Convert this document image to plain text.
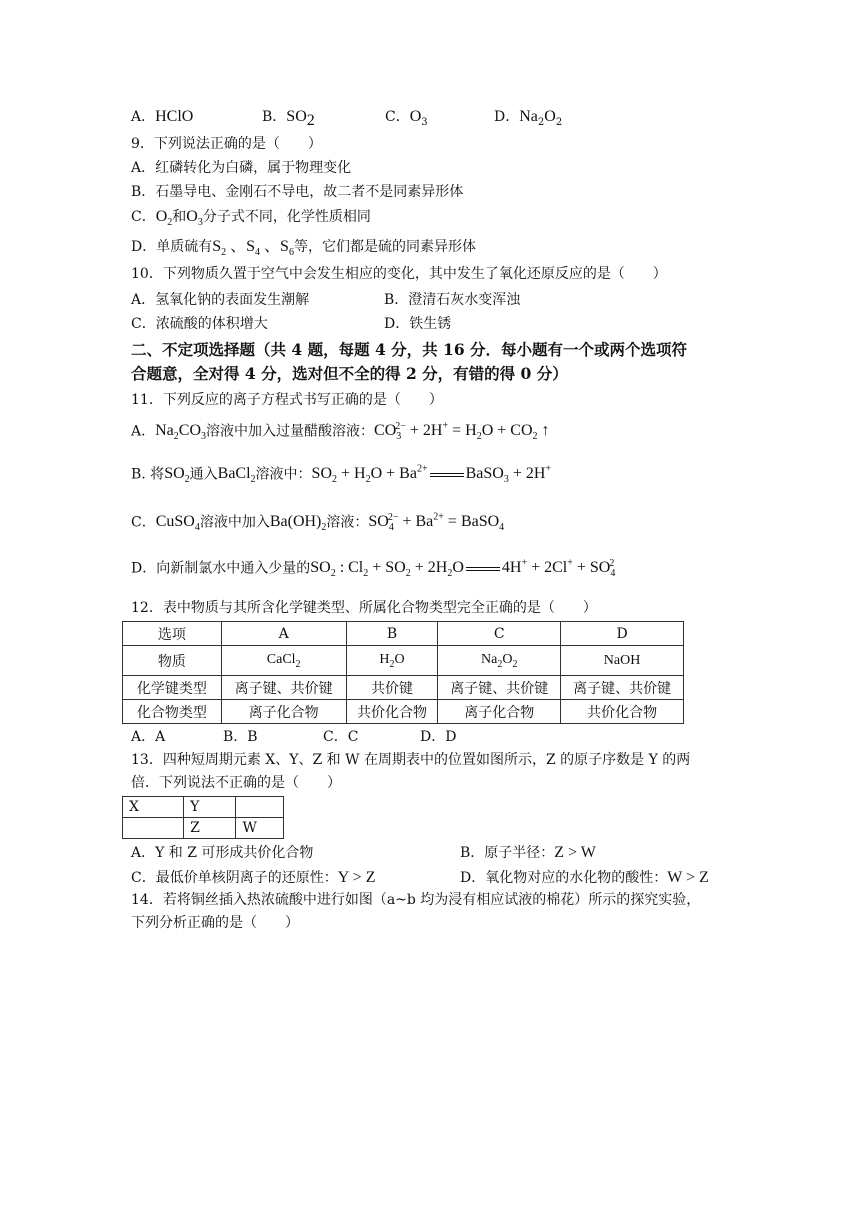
A．HClO	B．$SO_2$	C．$O_3$	D．$Na_2O_2$
9．下列说法正确的是（　　）
A．红磷转化为白磷，属于物理变化
B．石墨导电、金刚石不导电，故二者不是同素异形体
C．$O_2$和$O_3$分子式不同，化学性质相同
D．单质硫有$S_2$ 、$S_4$ 、$S_6$等，它们都是硫的同素异形体
10．下列物质久置于空气中会发生相应的变化，其中发生了氧化还原反应的是（　　）
A．氢氧化钠的表面发生潮解	B．澄清石灰水变浑浊
C．浓硫酸的体积增大	D．铁生锈
二、不定项选择题（共 4 题，每题 4 分，共 16 分．每小题有一个或两个选项符
合题意，全对得 4 分，选对但不全的得 2 分，有错的得 0 分）
11．下列反应的离子方程式书写正确的是（　　）
A．$Na_2CO_3$溶液中加入过量醋酸溶液：$CO_3^{2-} + 2H^+ = H_2O + CO_2$ ↑
B. 将$SO_2$通入BaCl$_2$溶液中：$SO_2 + H_2O + Ba^{2+}$ BaSO$_3$ + 2H+
C．CuSO$_4$溶液中加入$Ba(OH)_2$溶液：$SO_4^{2-} + Ba^{2+}$ = BaSO$_4$
D．向新制氯水中通入少量的$SO_2$ : $Cl_2 + SO_2 + 2H_2O$ $4H^+ + 2Cl^+ + SO_4^2$
12．表中物质与其所含化学键类型、所属化合物类型完全正确的是（　　）
选项	A	B	C	D
物质	CaCl$_2$	$H_2O$	$Na_2O_2$	NaOH
化学键类型	离子键、共价键	共价键	离子键、共价键	离子键、共价键
化合物类型	离子化合物	共价化合物	离子化合物	共价化合物
A．A	B．B	C．C	D．D
13．四种短周期元素 X、Y、Z 和 W 在周期表中的位置如图所示，Z 的原子序数是 Y 的两
倍．下列说法不正确的是（　　）
X	Y	
	Z	W
A．Y 和 Z 可形成共价化合物	B．原子半径：Z > W
C．最低价单核阴离子的还原性：Y > Z	D．氧化物对应的水化物的酸性：W > Z
14．若将铜丝插入热浓硫酸中进行如图（a~b 均为浸有相应试液的棉花）所示的探究实验，
下列分析正确的是（　　）
